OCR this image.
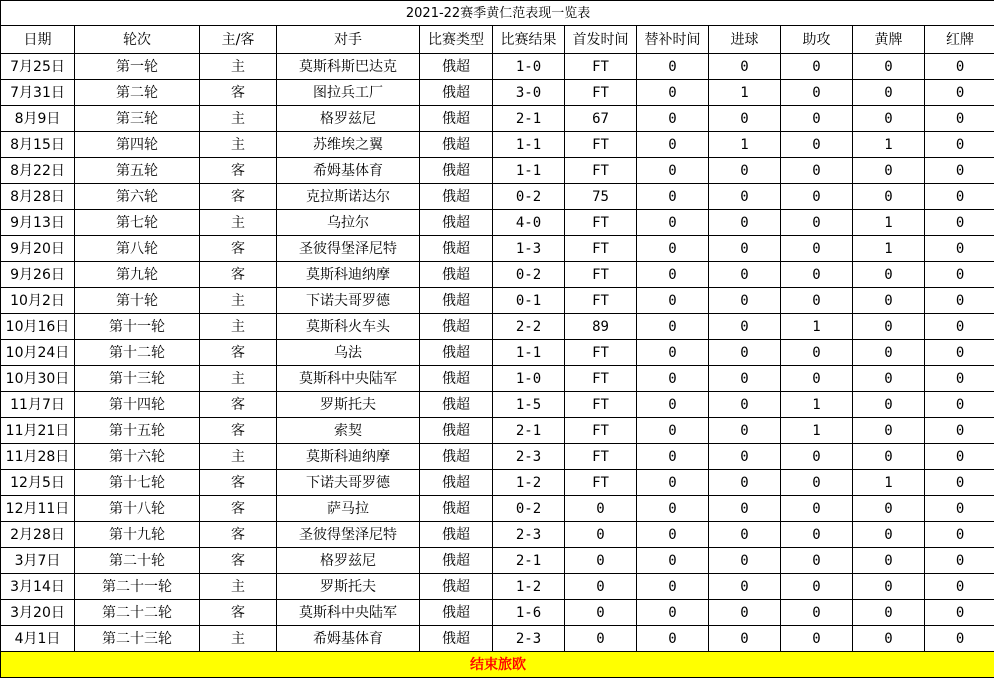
2021-22赛季黄仁范表现一览表											
日期	轮次	主/客	对手	比赛类型	比赛结果	首发时间	替补时间	进球	助攻	黄牌	红牌
7月25日	第一轮	主	莫斯科斯巴达克	俄超	1-0	FT	0	0	0	0	0
7月31日	第二轮	客	图拉兵工厂	俄超	3-0	FT	0	1	0	0	0
8月9日	第三轮	主	格罗兹尼	俄超	2-1	67	0	0	0	0	0
8月15日	第四轮	主	苏维埃之翼	俄超	1-1	FT	0	1	0	1	0
8月22日	第五轮	客	希姆基体育	俄超	1-1	FT	0	0	0	0	0
8月28日	第六轮	客	克拉斯诺达尔	俄超	0-2	75	0	0	0	0	0
9月13日	第七轮	主	乌拉尔	俄超	4-0	FT	0	0	0	1	0
9月20日	第八轮	客	圣彼得堡泽尼特	俄超	1-3	FT	0	0	0	1	0
9月26日	第九轮	客	莫斯科迪纳摩	俄超	0-2	FT	0	0	0	0	0
10月2日	第十轮	主	下诺夫哥罗德	俄超	0-1	FT	0	0	0	0	0
10月16日	第十一轮	主	莫斯科火车头	俄超	2-2	89	0	0	1	0	0
10月24日	第十二轮	客	乌法	俄超	1-1	FT	0	0	0	0	0
10月30日	第十三轮	主	莫斯科中央陆军	俄超	1-0	FT	0	0	0	0	0
11月7日	第十四轮	客	罗斯托夫	俄超	1-5	FT	0	0	1	0	0
11月21日	第十五轮	客	索契	俄超	2-1	FT	0	0	1	0	0
11月28日	第十六轮	主	莫斯科迪纳摩	俄超	2-3	FT	0	0	0	0	0
12月5日	第十七轮	客	下诺夫哥罗德	俄超	1-2	FT	0	0	0	1	0
12月11日	第十八轮	客	萨马拉	俄超	0-2	0	0	0	0	0	0
2月28日	第十九轮	客	圣彼得堡泽尼特	俄超	2-3	0	0	0	0	0	0
3月7日	第二十轮	客	格罗兹尼	俄超	2-1	0	0	0	0	0	0
3月14日	第二十一轮	主	罗斯托夫	俄超	1-2	0	0	0	0	0	0
3月20日	第二十二轮	客	莫斯科中央陆军	俄超	1-6	0	0	0	0	0	0
4月1日	第二十三轮	主	希姆基体育	俄超	2-3	0	0	0	0	0	0
结束旅欧											
